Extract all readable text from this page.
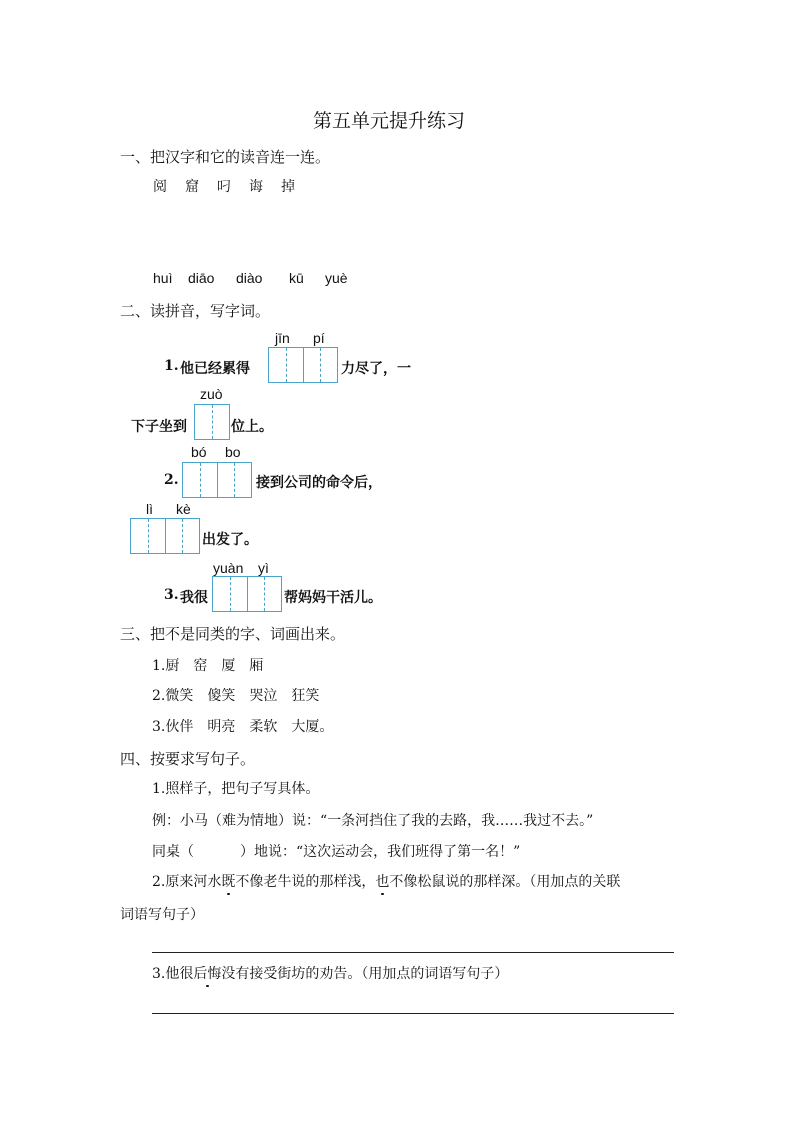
第五单元提升练习
一、把汉字和它的读音连一连。
阅 窟 叼 诲 掉
huì diāo diào kū yuè
二、读拼音，写字词。
jīn pí
1. 他已经累得	力尽了，一
zuò
下子坐到	位上。
bó bo
2.	接到公司的命令后，
lì kè
出发了。
yuàn yì
3. 我很	帮妈妈干活儿。
三、把不是同类的字、词画出来。
1.厨　窑　厦　厢
2.微笑　傻笑　哭泣　狂笑
3.伙伴　明亮　柔软　大厦。
四、按要求写句子。
1.照样子，把句子写具体。
例：小马（难为情地）说：“一条河挡住了我的去路，我……我过不去。”
同桌（	）地说：“这次运动会，我们班得了第一名！”
2.原来河水既不像老牛说的那样浅，也不像松鼠说的那样深。（用加点的关联
词语写句子）
3.他很后悔没有接受街坊的劝告。（用加点的词语写句子）
